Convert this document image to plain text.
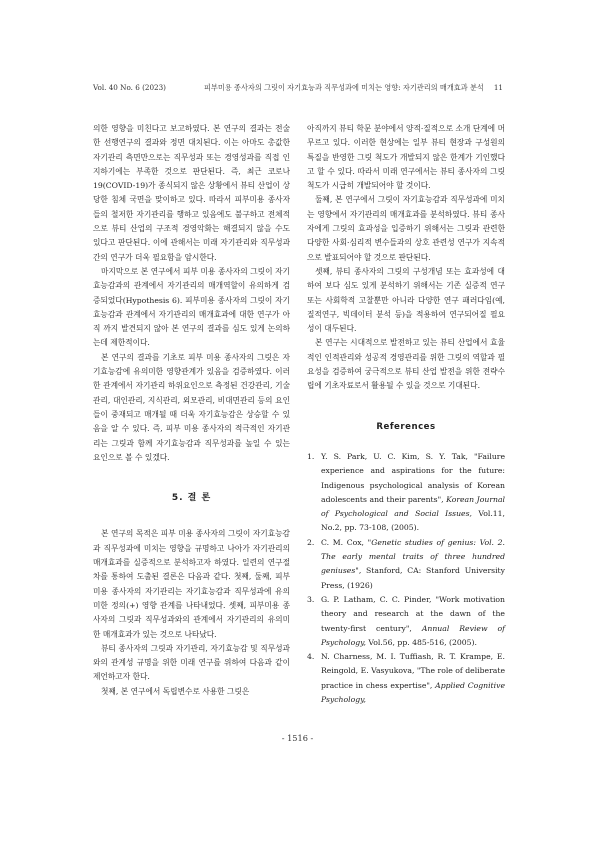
Vol. 40 No. 6 (2023)	피부미용 종사자의 그릿이 자기효능과 직무성과에 미치는 영향: 자기관리의 매개효과 분석	11

의한 영향을 미친다고 보고하였다. 본 연구의 결과는 전술한 선행연구의 결과와 정면 대치된다. 이는 아마도 총값한 자기관리 측면만으로는 직무성과 또는 경영성과를 직접 인지하기에는 부족한 것으로 판단된다. 즉, 최근 코로나 19(COVID-19)가 종식되지 않은 상황에서 뷰티 산업이 상당한 침체 국면을 맞이하고 있다. 따라서 피부미용 종사자들의 철저한 자기관리를 행하고 있음에도 불구하고 전체적으로 뷰티 산업의 구조적 경영악화는 해결되지 않을 수도 있다고 판단된다. 이에 관해서는 미래 자기관리와 직무성과 간의 연구가 더욱 필요함을 암시한다.

마지막으로 본 연구에서 피부 미용 종사자의 그릿이 자기효능감과의 관계에서 자기관리의 매개역할이 유의하게 검증되었다(Hypothesis 6). 피부미용 종사자의 그릿이 자기효능감과 관계에서 자기관리의 매개효과에 대한 연구가 아직 까지 발견되지 않아 본 연구의 결과를 심도 있게 논의하는데 제한적이다.

본 연구의 결과를 기초로 피부 미용 종사자의 그릿은 자기효능감에 유의미한 영향관계가 있음을 검증하였다. 이러한 관계에서 자기관리 하위요인으로 측정된 건강관리, 기술관리, 대인관리, 지식관리, 외모관리, 비대면관리 등의 요인들이 중재되고 매개될 때 더욱 자기효능감은 상승할 수 있음을 알 수 있다. 즉, 피부 미용 종사자의 적극적인 자기관리는 그릿과 함께 자기효능감과 직무성과를 높일 수 있는 요인으로 볼 수 있겠다.

5. 결 론

본 연구의 목적은 피부 미용 종사자의 그릿이 자기효능감과 직무성과에 미치는 영향을 규명하고 나아가 자기관리의 매개효과를 실증적으로 분석하고자 하였다. 일련의 연구절차를 통하여 도출된 결론은 다음과 같다. 첫째, 둘째, 피부미용 종사자의 자기관리는 자기효능감과 직무성과에 유의미한 정의(+) 영향 관계를 나타내었다. 셋째, 피부미용 종사자의 그릿과 직무성과와의 관계에서 자기관리의 유의미한 매개효과가 있는 것으로 나타났다.

뷰티 종사자의 그릿과 자기관리, 자기효능감 및 직무성과와의 관계성 규명을 위한 미래 연구를 위하여 다음과 같이 제언하고자 한다.

첫째, 본 연구에서 독립변수로 사용한 그릿은

아직까지 뷰티 학문 분야에서 양적·질적으로 소개 단계에 머무르고 있다. 이러한 현상에는 일부 뷰티 현장과 구성원의 특질을 반영한 그릿 척도가 개발되지 않은 한계가 기인했다고 할 수 있다. 따라서 미래 연구에서는 뷰티 종사자의 그릿 척도가 시급히 개발되어야 할 것이다.

둘째, 본 연구에서 그릿이 자기효능감과 직무성과에 미치는 영향에서 자기관리의 매개효과를 분석하였다. 뷰티 종사자에게 그릿의 효과성을 입증하기 위해서는 그릿과 관련한 다양한 사회·심리적 변수들과의 상호 관련성 연구가 지속적으로 발표되어야 할 것으로 판단된다.

셋째, 뷰티 종사자의 그릿의 구성개념 또는 효과성에 대하여 보다 심도 있게 분석하기 위해서는 기존 실증적 연구 또는 사회학적 고찰뿐만 아니라 다양한 연구 패러다임(예, 질적연구, 빅데이터 분석 등)을 적용하여 연구되어질 필요성이 대두된다.

본 연구는 시대적으로 발전하고 있는 뷰티 산업에서 효율적인 인적관리와 성공적 경영관리를 위한 그릿의 역할과 필요성을 검증하여 궁극적으로 뷰티 산업 발전을 위한 전략수립에 기초자료로서 활용될 수 있을 것으로 기대된다.

References
1. Y. S. Park, U. C. Kim, S. Y. Tak, "Failure experience and aspirations for the future: Indigenous psychological analysis of Korean adolescents and their parents", Korean Journal of Psychological and Social Issues, Vol.11, No.2, pp. 73-108, (2005).
2. C. M. Cox, "Genetic studies of genius: Vol. 2. The early mental traits of three hundred geniuses", Stanford, CA: Stanford University Press, (1926)
3. G. P. Latham, C. C. Pinder, "Work motivation theory and research at the dawn of the twenty-first century", Annual Review of Psychology, Vol.56, pp. 485-516, (2005).
4. N. Charness, M. I. Tuffiash, R. T. Krampe, E. Reingold, E. Vasyukova, "The role of deliberate practice in chess expertise", Applied Cognitive Psychology,
- 1516 -
